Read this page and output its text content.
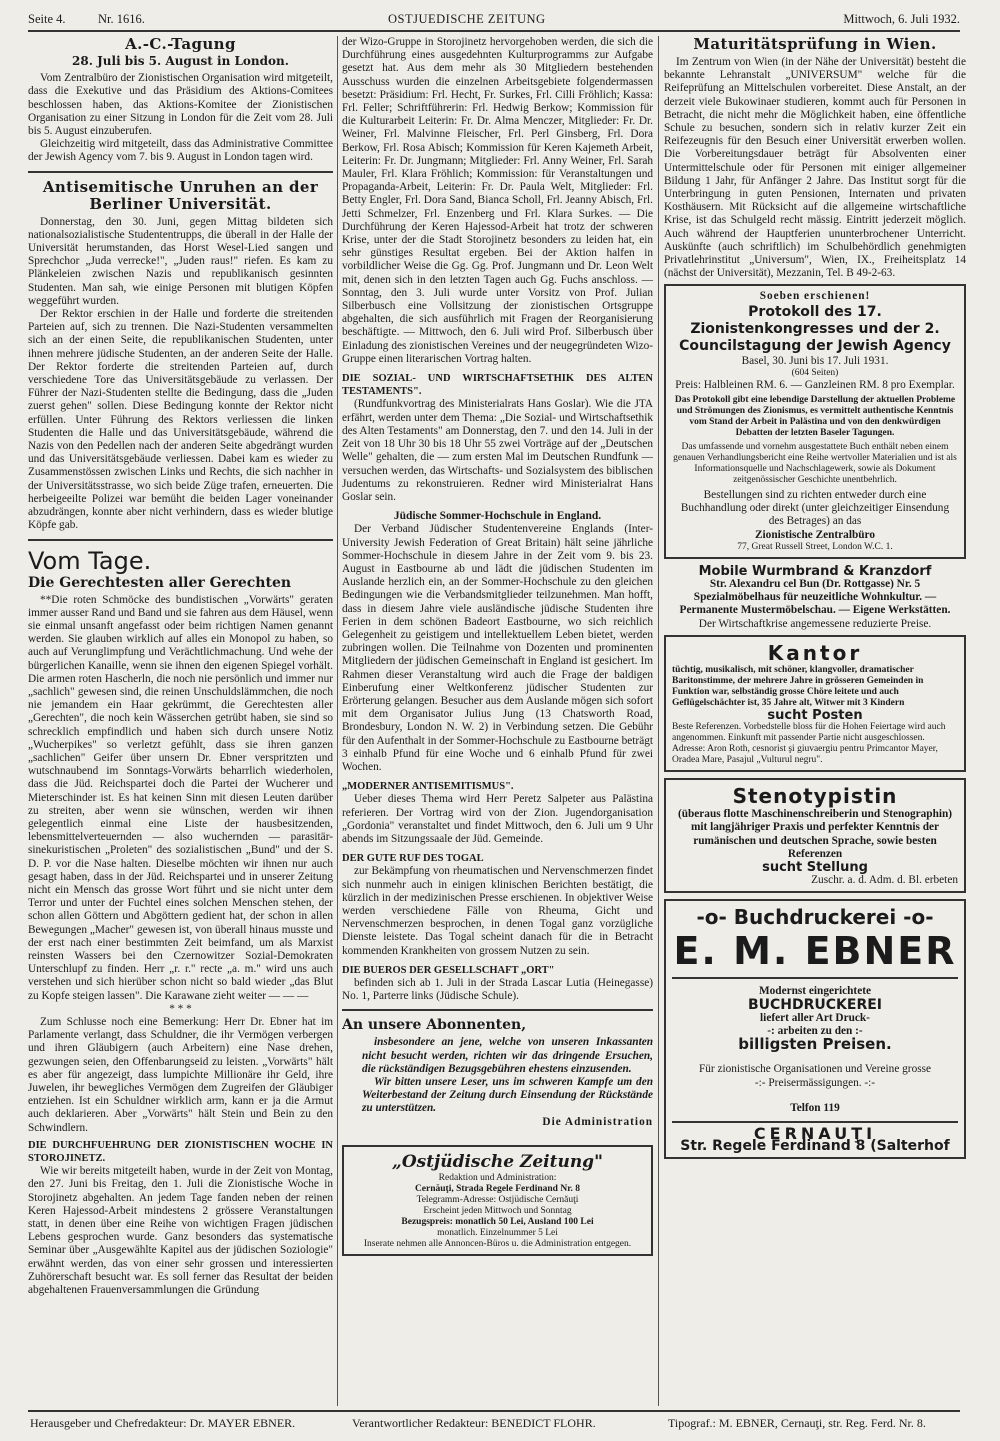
Seite 4.	Nr. 1616.	OSTJUEDISCHE ZEITUNG	Mittwoch, 6. Juli 1932.
A.-C.-Tagung
28. Juli bis 5. August in London.

Vom Zentralbüro der Zionistischen Organisation wird mitgeteilt, dass die Exekutive und das Präsidium des Aktions-Comitees beschlossen haben, das Aktions-Komitee der Zionistischen Organisation zu einer Sitzung in London für die Zeit vom 28. Juli bis 5. August einzuberufen.

Gleichzeitig wird mitgeteilt, dass das Administrative Committee der Jewish Agency vom 7. bis 9. August in London tagen wird.

Antisemitische Unruhen an der Berliner Universität.

Donnerstag, den 30. Juni, gegen Mittag bildeten sich nationalsozialistische Studententrupps, die überall in der Halle der Universität herumstanden, das Horst Wesel-Lied sangen und Sprechchor „Juda verrecke!", „Juden raus!" riefen. Es kam zu Plänkeleien zwischen Nazis und republikanisch gesinnten Studenten. Man sah, wie einige Personen mit blutigen Köpfen weggeführt wurden.

Der Rektor erschien in der Halle und forderte die streitenden Parteien auf, sich zu trennen. Die Nazi-Studenten versammelten sich an der einen Seite, die republikanischen Studenten, unter ihnen mehrere jüdische Studenten, an der anderen Seite der Halle. Der Rektor forderte die streitenden Parteien auf, durch verschiedene Tore das Universitätsgebäude zu verlassen. Der Führer der Nazi-Studenten stellte die Bedingung, dass die „Juden zuerst gehen" sollen. Diese Bedingung konnte der Rektor nicht erfüllen. Unter Führung des Rektors verliessen die linken Studenten die Halle und das Universitätsgebäude, während die Nazis von den Pedellen nach der anderen Seite abgedrängt wurden und das Universitätsgebäude verliessen. Dabei kam es wieder zu Zusammenstössen zwischen Links und Rechts, die sich nachher in der Universitätsstrasse, wo sich beide Züge trafen, erneuerten. Die herbeigeeilte Polizei war bemüht die beiden Lager voneinander abzudrängen, konnte aber nicht verhindern, dass es wieder blutige Köpfe gab.

Vom Tage.
Die Gerechtesten aller Gerechten

**Die roten Schmöcke des bundistischen „Vorwärts" geraten immer ausser Rand und Band und sie fahren aus dem Häusel, wenn sie einmal unsanft angefasst oder beim richtigen Namen genannt werden. Sie glauben wirklich auf alles ein Monopol zu haben, so auch auf Verunglimpfung und Verächtlichmachung. Und wehe der bürgerlichen Kanaille, wenn sie ihnen den eigenen Spiegel vorhält. Die armen roten Hascherln, die noch nie persönlich und immer nur „sachlich" gewesen sind, die reinen Unschuldslämmchen, die noch nie jemandem ein Haar gekrümmt, die Gerechtesten aller „Gerechten", die noch kein Wässerchen getrübt haben, sie sind so schrecklich empfindlich und haben sich durch unsere Notiz „Wucherpikes" so verletzt gefühlt, dass sie ihren ganzen „sachlichen" Geifer über unsern Dr. Ebner verspritzten und wutschnaubend im Sonntags-Vorwärts beharrlich wiederholen, dass die Jüd. Reichspartei doch die Partei der Wucherer und Mieterschinder ist. Es hat keinen Sinn mit diesen Leuten darüber zu streiten, aber wenn sie wünschen, werden wir ihnen gelegentlich einmal eine Liste der hausbesitzenden, lebensmittelverteuernden — also wuchernden — parasitär-sinekuristischen „Proleten" des sozialistischen „Bund" und der S. D. P. vor die Nase halten. Dieselbe möchten wir ihnen nur auch gesagt haben, dass in der Jüd. Reichspartei und in unserer Zeitung nicht ein Mensch das grosse Wort führt und sie nicht unter dem Terror und unter der Fuchtel eines solchen Menschen stehen, der schon allen Göttern und Abgöttern gedient hat, der schon in allen Bewegungen „Macher" gewesen ist, von überall hinaus musste und der erst nach einer bestimmten Zeit beimfand, um als Marxist reinsten Wassers bei den Czernowitzer Sozial-Demokraten Unterschlupf zu finden. Herr „r. r." recte „a. m." wird uns auch verstehen und sich hierüber schon nicht so bald wieder „das Blut zu Kopfe steigen lassen". Die Karawane zieht weiter — — —

* * *

Zum Schlusse noch eine Bemerkung: Herr Dr. Ebner hat im Parlamente verlangt, dass Schuldner, die ihr Vermögen verbergen und ihren Gläubigern (auch Arbeitern) eine Nase drehen, gezwungen seien, den Offenbarungseid zu leisten. „Vorwärts" hält es aber für angezeigt, dass lumpichte Millionäre ihr Geld, ihre Juwelen, ihr bewegliches Vermögen dem Zugreifen der Gläubiger entziehen. Ist ein Schuldner wirklich arm, kann er ja die Armut auch deklarieren. Aber „Vorwärts" hält Stein und Bein zu den Schwindlern.

DIE DURCHFUEHRUNG DER ZIONISTISCHEN WOCHE IN STOROJINETZ.

Wie wir bereits mitgeteilt haben, wurde in der Zeit von Montag, den 27. Juni bis Freitag, den 1. Juli die Zionistische Woche in Storojinetz abgehalten. An jedem Tage fanden neben der reinen Keren Hajessod-Arbeit mindestens 2 grössere Veranstaltungen statt, in denen über eine Reihe von wichtigen Fragen jüdischen Lebens gesprochen wurde. Ganz besonders das systematische Seminar über „Ausgewählte Kapitel aus der jüdischen Soziologie" erwähnt werden, das von einer sehr grossen und interessierten Zuhörerschaft besucht war. Es soll ferner das Resultat der beiden abgehaltenen Frauenversammlungen die Gründung

der Wizo-Gruppe in Storojinetz hervorgehoben werden, die sich die Durchführung eines ausgedehnten Kulturprogramms zur Aufgabe gesetzt hat. Aus dem mehr als 30 Mitgliedern bestehenden Ausschuss wurden die einzelnen Arbeitsgebiete folgendermassen besetzt: Präsidium: Frl. Hecht, Fr. Surkes, Frl. Cilli Fröhlich; Kassa: Frl. Feller; Schriftführerin: Frl. Hedwig Berkow; Kommission für die Kulturarbeit Leiterin: Fr. Dr. Alma Menczer, Mitglieder: Fr. Dr. Weiner, Frl. Malvinne Fleischer, Frl. Perl Ginsberg, Frl. Dora Berkow, Frl. Rosa Abisch; Kommission für Keren Kajemeth Arbeit, Leiterin: Fr. Dr. Jungmann; Mitglieder: Frl. Anny Weiner, Frl. Sarah Mauler, Frl. Klara Fröhlich; Kommission: für Veranstaltungen und Propaganda-Arbeit, Leiterin: Fr. Dr. Paula Welt, Mitglieder: Frl. Betty Engler, Frl. Dora Sand, Bianca Scholl, Frl. Jeanny Abisch, Frl. Jetti Schmelzer, Frl. Enzenberg und Frl. Klara Surkes. — Die Durchführung der Keren Hajessod-Arbeit hat trotz der schweren Krise, unter der die Stadt Storojinetz besonders zu leiden hat, ein sehr günstiges Resultat ergeben. Bei der Aktion halfen in vorbildlicher Weise die Gg. Gg. Prof. Jungmann und Dr. Leon Welt mit, denen sich in den letzten Tagen auch Gg. Fuchs anschloss. — Sonntag, den 3. Juli wurde unter Vorsitz von Prof. Julian Silberbusch eine Vollsitzung der zionistischen Ortsgruppe abgehalten, die sich ausführlich mit Fragen der Reorganisierung beschäftigte. — Mittwoch, den 6. Juli wird Prof. Silberbusch über Einladung des zionistischen Vereines und der neugegründeten Wizo-Gruppe einen literarischen Vortrag halten.

DIE SOZIAL- UND WIRTSCHAFTSETHIK DES ALTEN TESTAMENTS".

(Rundfunkvortrag des Ministerialrats Hans Goslar). Wie die JTA erfährt, werden unter dem Thema: „Die Sozial- und Wirtschaftsethik des Alten Testaments" am Donnerstag, den 7. und den 14. Juli in der Zeit von 18 Uhr 30 bis 18 Uhr 55 zwei Vorträge auf der „Deutschen Welle" gehalten, die — zum ersten Mal im Deutschen Rundfunk — versuchen werden, das Wirtschafts- und Sozialsystem des biblischen Judentums zu rekonstruieren. Redner wird Ministerialrat Hans Goslar sein.

Jüdische Sommer-Hochschule in England.

Der Verband Jüdischer Studentenvereine Englands (Inter-University Jewish Federation of Great Britain) hält seine jährliche Sommer-Hochschule in diesem Jahre in der Zeit vom 9. bis 23. August in Eastbourne ab und lädt die jüdischen Studenten im Auslande herzlich ein, an der Sommer-Hochschule zu den gleichen Bedingungen wie die Verbandsmitglieder teilzunehmen. Man hofft, dass in diesem Jahre viele ausländische jüdische Studenten ihre Ferien in dem schönen Badeort Eastbourne, wo sich reichlich Gelegenheit zu geistigem und intellektuellem Leben bietet, werden zubringen wollen. Die Teilnahme von Dozenten und prominenten Mitgliedern der jüdischen Gemeinschaft in England ist gesichert. Im Rahmen dieser Veranstaltung wird auch die Frage der baldigen Einberufung einer Weltkonferenz jüdischer Studenten zur Erörterung gelangen. Besucher aus dem Auslande mögen sich sofort mit dem Organisator Julius Jung (13 Chatsworth Road, Brondesbury, London N. W. 2) in Verbindung setzen. Die Gebühr für den Aufenthalt in der Sommer-Hochschule zu Eastbourne beträgt 3 einhalb Pfund für eine Woche und 6 einhalb Pfund für zwei Wochen.

„MODERNER ANTISEMITISMUS".

Ueber dieses Thema wird Herr Peretz Salpeter aus Palästina referieren. Der Vortrag wird von der Zion. Jugendorganisation „Gordonia" veranstaltet und findet Mittwoch, den 6. Juli um 9 Uhr abends im Sitzungssaale der Jüd. Gemeinde.

DER GUTE RUF DES TOGAL

zur Bekämpfung von rheumatischen und Nervenschmerzen findet sich nunmehr auch in einigen klinischen Berichten bestätigt, die kürzlich in der medizinischen Presse erschienen. In objektiver Weise werden verschiedene Fälle von Rheuma, Gicht und Nervenschmerzen besprochen, in denen Togal ganz vorzügliche Dienste leistete. Das Togal scheint danach für die in Betracht kommenden Krankheiten von grossem Nutzen zu sein.

DIE BUEROS DER GESELLSCHAFT „ORT"

befinden sich ab 1. Juli in der Strada Lascar Lutia (Heinegasse) No. 1, Parterre links (Jüdische Schule).

An unsere Abonnenten,

insbesondere an jene, welche von unseren Inkassanten nicht besucht werden, richten wir das dringende Ersuchen, die rückständigen Bezugsgebühren ehestens einzusenden.

Wir bitten unsere Leser, uns im schweren Kampfe um den Weiterbestand der Zeitung durch Einsendung der Rückstände zu unterstützen.

Die Administration
„Ostjüdische Zeitung"
Redaktion und Administration:
Cernăuţi, Strada Regele Ferdinand Nr. 8
Telegramm-Adresse: Ostjüdische Cernăuţi
Erscheint jeden Mittwoch und Sonntag
Bezugspreis: monatlich 50 Lei, Ausland 100 Lei
monatlich. Einzelnummer 5 Lei
Inserate nehmen alle Annoncen-Büros u. die Administration entgegen.
Maturitätsprüfung in Wien.

Im Zentrum von Wien (in der Nähe der Universität) besteht die bekannte Lehranstalt „UNIVERSUM" welche für die Reifeprüfung an Mittelschulen vorbereitet. Diese Anstalt, an der derzeit viele Bukowinaer studieren, kommt auch für Personen in Betracht, die nicht mehr die Möglichkeit haben, eine öffentliche Schule zu besuchen, sondern sich in relativ kurzer Zeit ein Reifezeugnis für den Besuch einer Universität erwerben wollen. Die Vorbereitungsdauer beträgt für Absolventen einer Untermittelschule oder für Personen mit einiger allgemeiner Bildung 1 Jahr, für Anfänger 2 Jahre. Das Institut sorgt für die Unterbringung in guten Pensionen, Internaten und privaten Kosthäusern. Mit Rücksicht auf die allgemeine wirtschaftliche Krise, ist das Schulgeld recht mässig. Eintritt jederzeit möglich. Auch während der Hauptferien ununterbrochener Unterricht. Auskünfte (auch schriftlich) im Schulbehördlich genehmigten Privatlehrinstitut „Universum", Wien, IX., Freiheitsplatz 14 (nächst der Universität), Mezzanin, Tel. B 49-2-63.

Soeben erschienen!
Protokoll des 17. Zionistenkongresses und der 2. Councilstagung der Jewish Agency
Basel, 30. Juni bis 17. Juli 1931.
(604 Seiten)
Preis: Halbleinen RM. 6. — Ganzleinen RM. 8 pro Exemplar.
Das Protokoll gibt eine lebendige Darstellung der aktuellen Probleme und Strömungen des Zionismus, es vermittelt authentische Kenntnis vom Stand der Arbeit in Palästina und von den denkwürdigen Debatten der letzten Baseler Tagungen.
Das umfassende und vornehm ausgestattete Buch enthält neben einem genauen Verhandlungsbericht eine Reihe wertvoller Materialien und ist als Informationsquelle und Nachschlagewerk, sowie als Dokument zeitgenössischer Geschichte unentbehrlich.
Bestellungen sind zu richten entweder durch eine Buchhandlung oder direkt (unter gleichzeitiger Einsendung des Betrages) an das
Zionistische Zentralbüro
77, Great Russell Street, London W.C. 1.
Mobile Wurmbrand & Kranzdorf
Str. Alexandru cel Bun (Dr. Rottgasse) Nr. 5
Spezialmöbelhaus für neuzeitliche Wohnkultur. — Permanente Mustermöbelschau. — Eigene Werkstätten.
Der Wirtschaftkrise angemessene reduzierte Preise.
Kantor
tüchtig, musikalisch, mit schöner, klangvoller, dramatischer Baritonstimme, der mehrere Jahre in grösseren Gemeinden in Funktion war, selbständig grosse Chöre leitete und auch Geflügelschächter ist, 35 Jahre alt, Witwer mit 3 Kindern
sucht Posten
Beste Referenzen. Vorbedstelle bloss für die Hohen Feiertage wird auch angenommen. Einkunft mit passender Partie nicht ausgeschlossen.
Adresse: Aron Roth, cesnorist şi giuvaergiu pentru Primcantor Mayer, Oradea Mare, Pasajul „Vulturul negru".
Stenotypistin
(überaus flotte Maschinenschreiberin und Stenographin) mit langjähriger Praxis und perfekter Kenntnis der rumänischen und deutschen Sprache, sowie besten Referenzen
sucht Stellung
Zuschr. a. d. Adm. d. Bl. erbeten
-o- Buchdruckerei -o-
E. M. EBNER
Modernst eingerichtete
BUCHDRUCKEREI
liefert aller Art Druck-
-: arbeiten zu den :-
billigsten Preisen.
Für zionistische Organisationen und Vereine grosse
-:- Preisermässigungen. -:-
Telfon 119
CERNAUŢI
Str. Regele Ferdinand 8 (Salterhof
Herausgeber und Chefredakteur: Dr. MAYER EBNER.	Verantwortlicher Redakteur: BENEDICT FLOHR.	Tipograf.: M. EBNER, Cernauţi, str. Reg. Ferd. Nr. 8.
